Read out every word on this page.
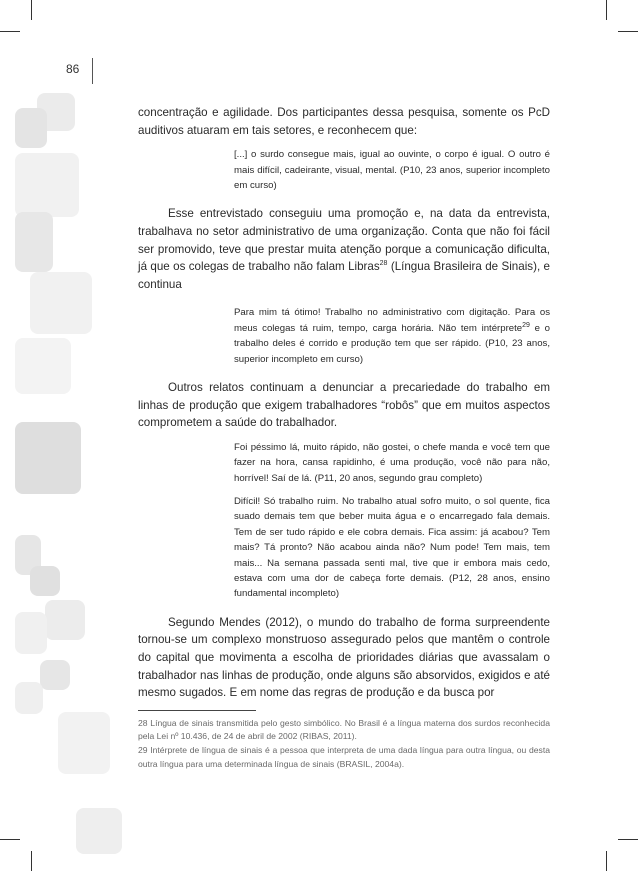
86

concentração e agilidade. Dos participantes dessa pesquisa, somente os PcD auditivos atuaram em tais setores, e reconhecem que:

[...] o surdo consegue mais, igual ao ouvinte, o corpo é igual. O outro é mais difícil, cadeirante, visual, mental. (P10, 23 anos, superior incompleto em curso)

Esse entrevistado conseguiu uma promoção e, na data da entrevista, trabalhava no setor administrativo de uma organização. Conta que não foi fácil ser promovido, teve que prestar muita atenção porque a comunicação dificulta, já que os colegas de trabalho não falam Libras$^{28}$ (Língua Brasileira de Sinais), e continua

Para mim tá ótimo! Trabalho no administrativo com digitação. Para os meus colegas tá ruim, tempo, carga horária. Não tem intérprete$^{29}$ e o trabalho deles é corrido e produção tem que ser rápido. (P10, 23 anos, superior incompleto em curso)

Outros relatos continuam a denunciar a precariedade do trabalho em linhas de produção que exigem trabalhadores “robôs” que em muitos aspectos comprometem a saúde do trabalhador.

Foi péssimo lá, muito rápido, não gostei, o chefe manda e você tem que fazer na hora, cansa rapidinho, é uma produção, você não para não, horrível! Saí de lá. (P11, 20 anos, segundo grau completo)
Difícil! Só trabalho ruim. No trabalho atual sofro muito, o sol quente, fica suado demais tem que beber muita água e o encarregado fala demais. Tem de ser tudo rápido e ele cobra demais. Fica assim: já acabou? Tem mais? Tá pronto? Não acabou ainda não? Num pode! Tem mais, tem mais... Na semana passada senti mal, tive que ir embora mais cedo, estava com uma dor de cabeça forte demais. (P12, 28 anos, ensino fundamental incompleto)

Segundo Mendes (2012), o mundo do trabalho de forma surpreendente tornou-se um complexo monstruoso assegurado pelos que mantêm o controle do capital que movimenta a escolha de prioridades diárias que avassalam o trabalhador nas linhas de produção, onde alguns são absorvidos, exigidos e até mesmo sugados. E em nome das regras de produção e da busca por

28 Língua de sinais transmitida pelo gesto simbólico. No Brasil é a língua materna dos surdos reconhecida pela Lei nº 10.436, de 24 de abril de 2002 (RIBAS, 2011).
29 Intérprete de língua de sinais é a pessoa que interpreta de uma dada língua para outra língua, ou desta outra língua para uma determinada língua de sinais (BRASIL, 2004a).
